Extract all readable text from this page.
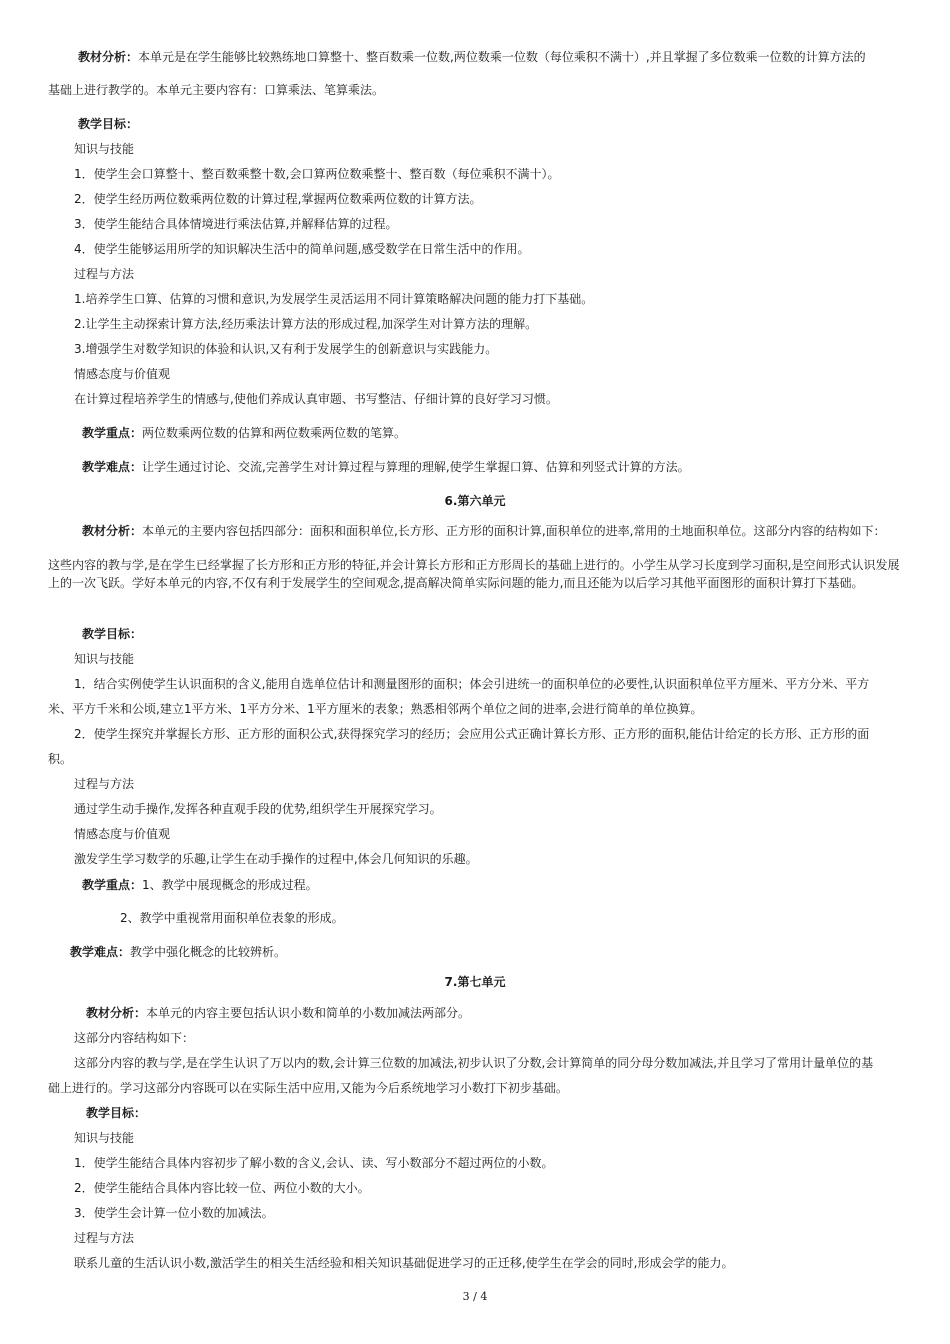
教材分析：本单元是在学生能够比较熟练地口算整十、整百数乘一位数,两位数乘一位数（每位乘积不满十）,并且掌握了多位数乘一位数的计算方法的

基础上进行教学的。本单元主要内容有：口算乘法、笔算乘法。

教学目标：

知识与技能

1．使学生会口算整十、整百数乘整十数,会口算两位数乘整十、整百数（每位乘积不满十）。

2．使学生经历两位数乘两位数的计算过程,掌握两位数乘两位数的计算方法。

3．使学生能结合具体情境进行乘法估算,并解释估算的过程。

4．使学生能够运用所学的知识解决生活中的简单问题,感受数学在日常生活中的作用。

过程与方法

1.培养学生口算、估算的习惯和意识,为发展学生灵活运用不同计算策略解决问题的能力打下基础。

2.让学生主动探索计算方法,经历乘法计算方法的形成过程,加深学生对计算方法的理解。

3.增强学生对数学知识的体验和认识,又有利于发展学生的创新意识与实践能力。

情感态度与价值观

在计算过程培养学生的情感与,使他们养成认真审题、书写整洁、仔细计算的良好学习习惯。

教学重点：两位数乘两位数的估算和两位数乘两位数的笔算。

教学难点：让学生通过讨论、交流,完善学生对计算过程与算理的理解,使学生掌握口算、估算和列竖式计算的方法。

6.第六单元

教材分析：本单元的主要内容包括四部分：面积和面积单位,长方形、正方形的面积计算,面积单位的进率,常用的土地面积单位。这部分内容的结构如下：

这些内容的教与学,是在学生已经掌握了长方形和正方形的特征,并会计算长方形和正方形周长的基础上进行的。小学生从学习长度到学习面积,是空间形式认识发展上的一次飞跃。学好本单元的内容,不仅有利于发展学生的空间观念,提高解决简单实际问题的能力,而且还能为以后学习其他平面图形的面积计算打下基础。

教学目标：

知识与技能

1．结合实例使学生认识面积的含义,能用自选单位估计和测量图形的面积；体会引进统一的面积单位的必要性,认识面积单位平方厘米、平方分米、平方

米、平方千米和公顷,建立1平方米、1平方分米、1平方厘米的表象；熟悉相邻两个单位之间的进率,会进行简单的单位换算。

2．使学生探究并掌握长方形、正方形的面积公式,获得探究学习的经历；会应用公式正确计算长方形、正方形的面积,能估计给定的长方形、正方形的面

积。

过程与方法

通过学生动手操作,发挥各种直观手段的优势,组织学生开展探究学习。

情感态度与价值观

激发学生学习数学的乐趣,让学生在动手操作的过程中,体会几何知识的乐趣。

教学重点：1、教学中展现概念的形成过程。

2、教学中重视常用面积单位表象的形成。

教学难点：教学中强化概念的比较辨析。

7.第七单元

教材分析：本单元的内容主要包括认识小数和简单的小数加减法两部分。

这部分内容结构如下：

这部分内容的教与学,是在学生认识了万以内的数,会计算三位数的加减法,初步认识了分数,会计算简单的同分母分数加减法,并且学习了常用计量单位的基

础上进行的。学习这部分内容既可以在实际生活中应用,又能为今后系统地学习小数打下初步基础。

教学目标：

知识与技能

1．使学生能结合具体内容初步了解小数的含义,会认、读、写小数部分不超过两位的小数。

2．使学生能结合具体内容比较一位、两位小数的大小。

3．使学生会计算一位小数的加减法。

过程与方法

联系儿童的生活认识小数,激活学生的相关生活经验和相关知识基础促进学习的正迁移,使学生在学会的同时,形成会学的能力。

3 / 4
